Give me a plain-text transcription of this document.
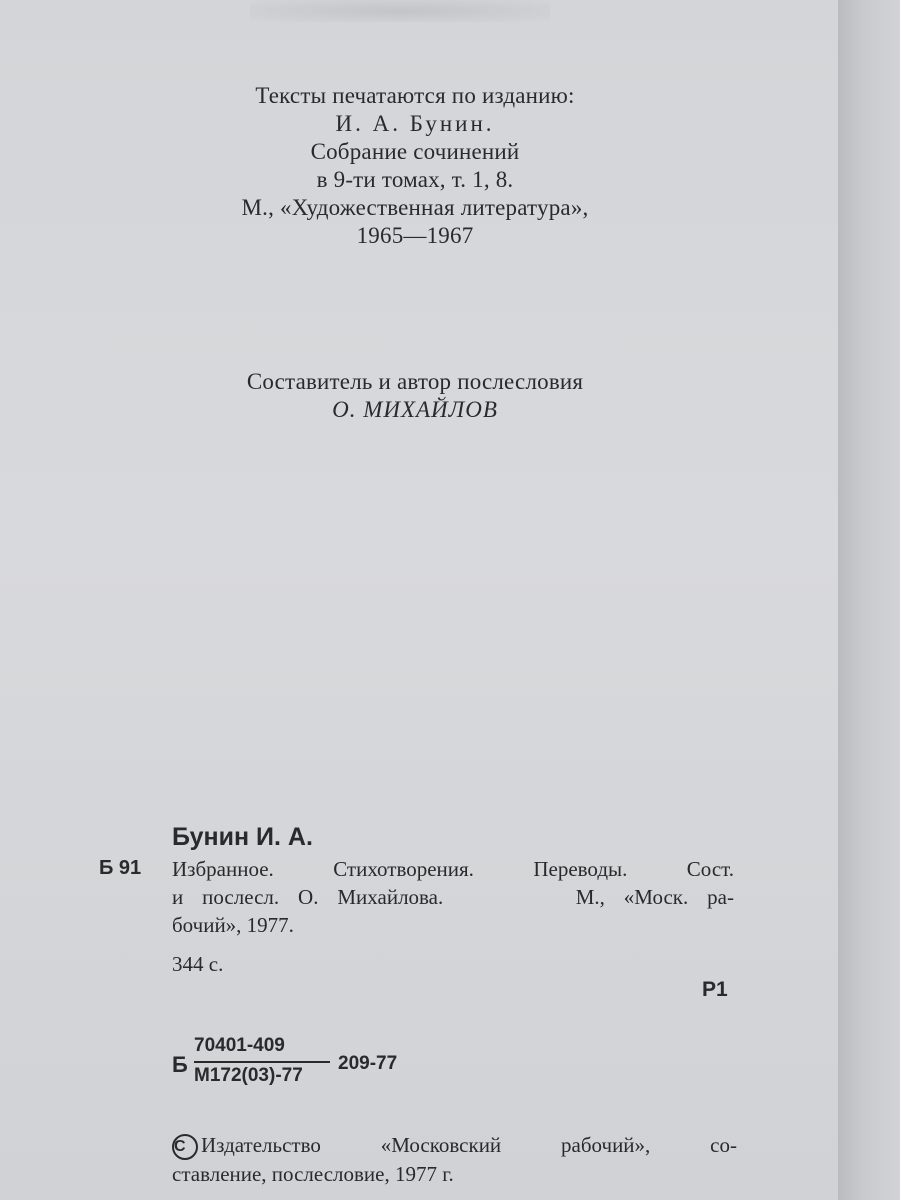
Тексты печатаются по изданию:
И. А. Бунин.
Собрание сочинений
в 9-ти томах, т. 1, 8.
М., «Художественная литература»,
1965—1967
Составитель и автор послесловия
О. МИХАЙЛОВ
Бунин И. А.
Б 91 Избранное. Стихотворения. Переводы. Сост.
и послесл. О. Михайлова.       М., «Моск. ра-
бочий», 1977.
344 с.
Р1
Б
70401-409
М172(03)-77
209-77
C Издательство «Московский рабочий», со-
ставление, послесловие, 1977 г.
